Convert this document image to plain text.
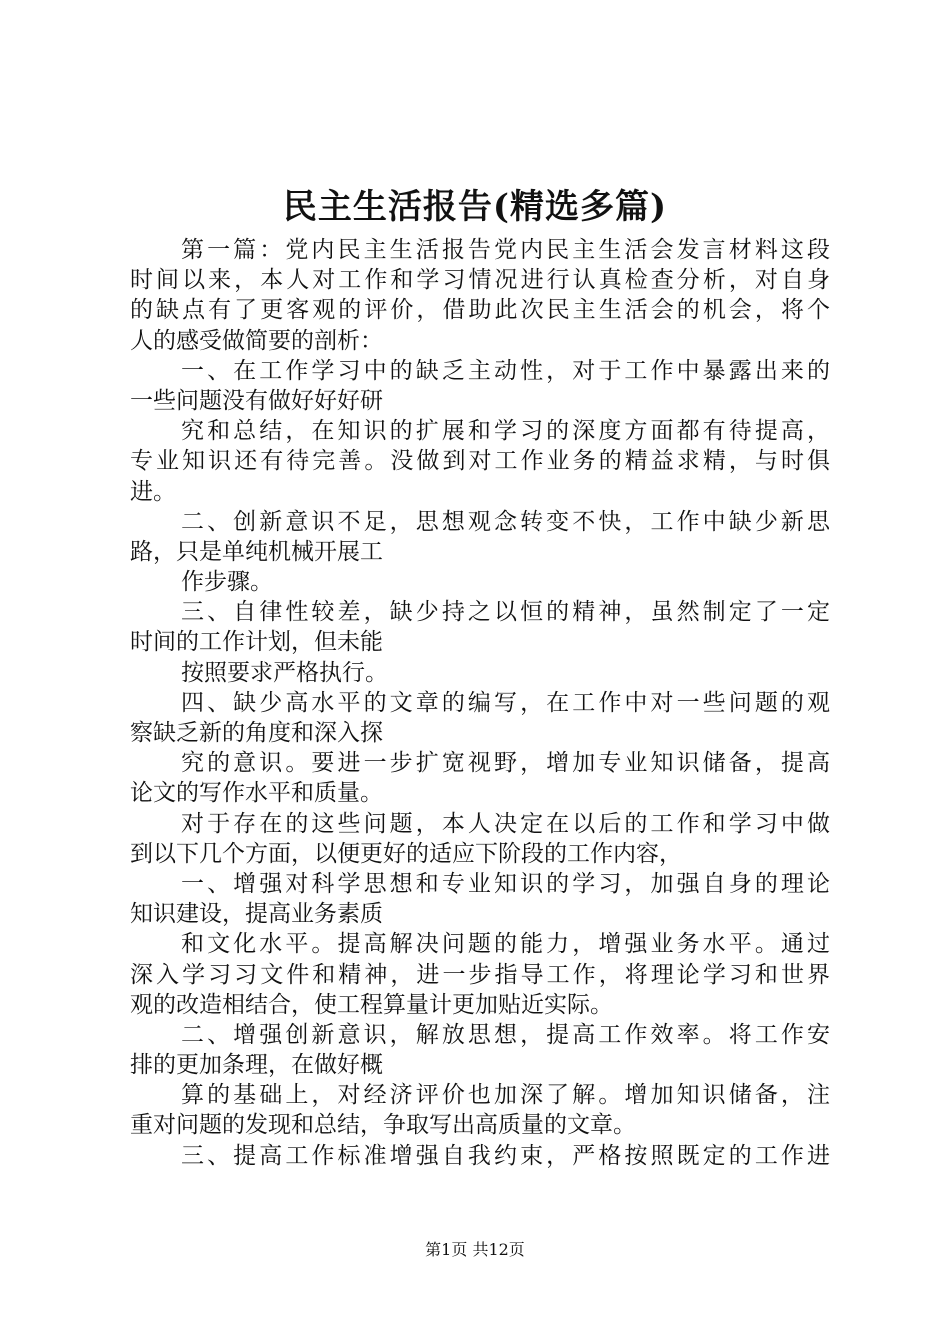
民主生活报告(精选多篇)
第一篇：党内民主生活报告党内民主生活会发言材料这段
时间以来，本人对工作和学习情况进行认真检查分析，对自身
的缺点有了更客观的评价，借助此次民主生活会的机会，将个
人的感受做简要的剖析：
一、在工作学习中的缺乏主动性，对于工作中暴露出来的
一些问题没有做好好好研
究和总结，在知识的扩展和学习的深度方面都有待提高，
专业知识还有待完善。没做到对工作业务的精益求精，与时俱
进。
二、创新意识不足，思想观念转变不快，工作中缺少新思
路，只是单纯机械开展工
作步骤。
三、自律性较差，缺少持之以恒的精神，虽然制定了一定
时间的工作计划，但未能
按照要求严格执行。
四、缺少高水平的文章的编写，在工作中对一些问题的观
察缺乏新的角度和深入探
究的意识。要进一步扩宽视野，增加专业知识储备，提高
论文的写作水平和质量。
对于存在的这些问题，本人决定在以后的工作和学习中做
到以下几个方面，以便更好的适应下阶段的工作内容，
一、增强对科学思想和专业知识的学习，加强自身的理论
知识建设，提高业务素质
和文化水平。提高解决问题的能力，增强业务水平。通过
深入学习习文件和精神，进一步指导工作，将理论学习和世界
观的改造相结合，使工程算量计更加贴近实际。
二、增强创新意识，解放思想，提高工作效率。将工作安
排的更加条理，在做好概
算的基础上，对经济评价也加深了解。增加知识储备，注
重对问题的发现和总结，争取写出高质量的文章。
三、提高工作标准增强自我约束，严格按照既定的工作进
第1页 共12页
